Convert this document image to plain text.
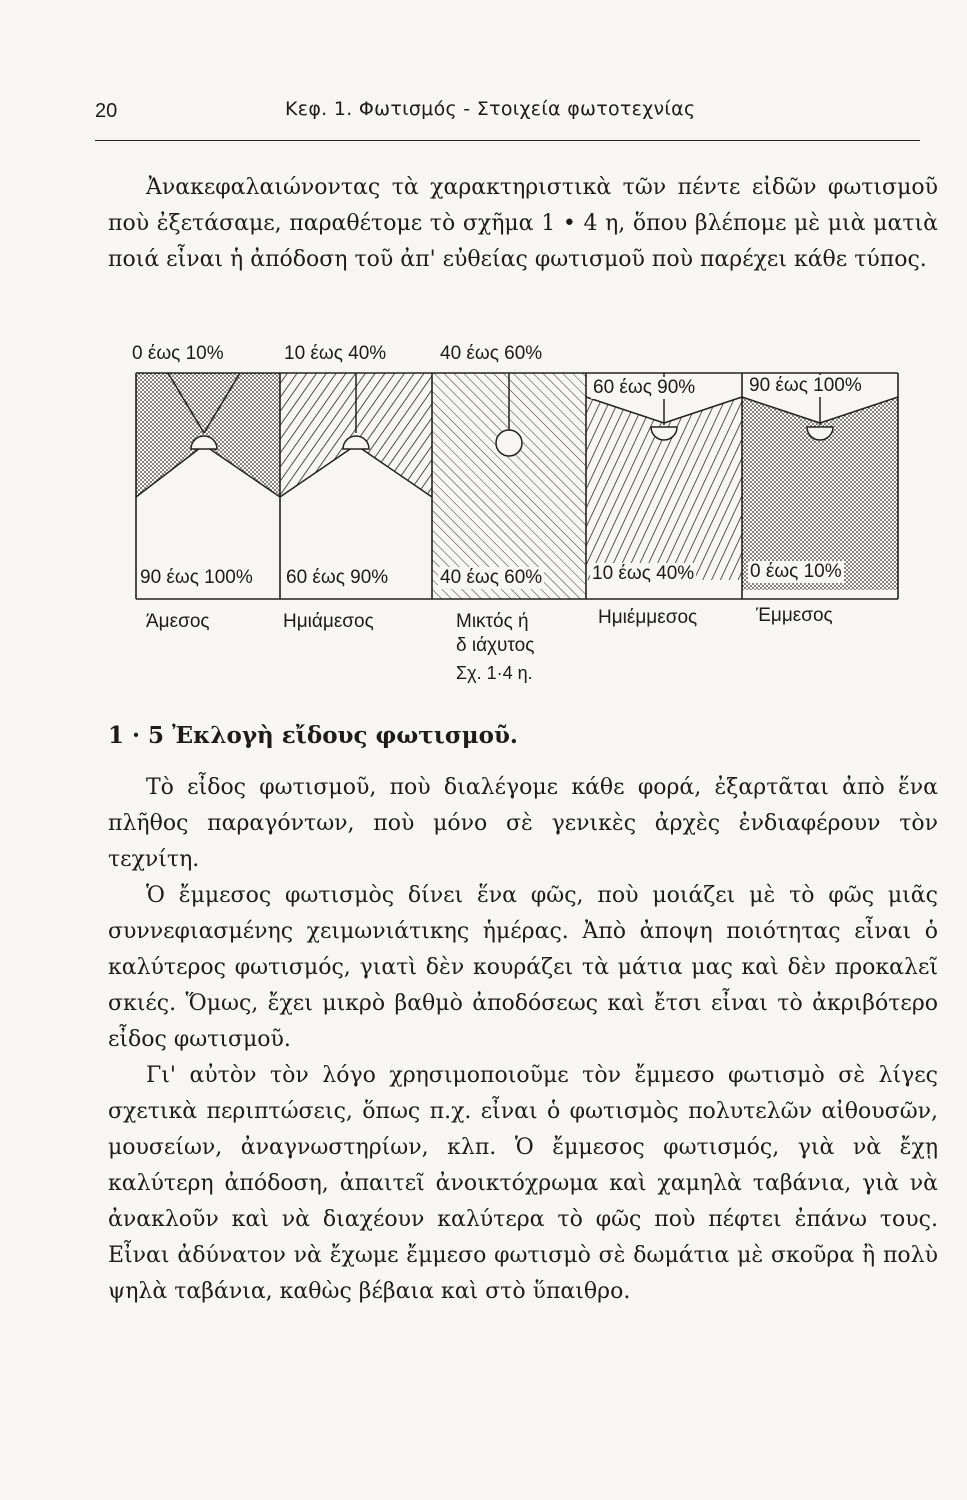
20	Κεφ. 1. Φωτισμός - Στοιχεία φωτοτεχνίας

Ἀνακεφαλαιώνοντας τὰ χαρακτηριστικὰ τῶν πέντε εἰδῶν φωτισμοῦ ποὺ ἐξετάσαμε, παραθέτομε τὸ σχῆμα 1 • 4 η, ὅπου βλέπομε μὲ μιὰ ματιὰ ποιά εἶναι ἡ ἀπόδοση τοῦ ἀπ' εὐθείας φωτισμοῦ ποὺ παρέχει κάθε τύπος.

0 έως 10%	10 έως 40%	40 έως 60%
60 έως 90%	90 έως 100%
90 έως 100% 60 έως 90%	40 έως 60%	10 έως 40%	0 έως 10%
Άμεσος	Ημιάμεσος	Μικτός ή
δ ιάχυτος
Ημιέμμεσος	Έμμεσος
Σχ. 1·4 η.
1 · 5 Ἐκλογὴ εἴδους φωτισμοῦ.

Τὸ εἶδος φωτισμοῦ, ποὺ διαλέγομε κάθε φορά, ἐξαρτᾶται ἀπὸ ἕνα πλῆθος παραγόντων, ποὺ μόνο σὲ γενικὲς ἀρχὲς ἐνδιαφέρουν τὸν τεχνίτη.

Ὁ ἔμμεσος φωτισμὸς δίνει ἕνα φῶς, ποὺ μοιάζει μὲ τὸ φῶς μιᾶς συννεφιασμένης χειμωνιάτικης ἡμέρας. Ἀπὸ ἀποψη ποιότητας εἶναι ὁ καλύτερος φωτισμός, γιατὶ δὲν κουράζει τὰ μάτια μας καὶ δὲν προκαλεῖ σκιές. Ὅμως, ἔχει μικρὸ βαθμὸ ἀποδόσεως καὶ ἔτσι εἶναι τὸ ἀκριβότερο εἶδος φωτισμοῦ.

Γι' αὐτὸν τὸν λόγο χρησιμοποιοῦμε τὸν ἔμμεσο φωτισμὸ σὲ λίγες σχετικὰ περιπτώσεις, ὅπως π.χ. εἶναι ὁ φωτισμὸς πολυτελῶν αἰθουσῶν, μουσείων, ἀναγνωστηρίων, κλπ. Ὁ ἔμμεσος φωτισμός, γιὰ νὰ ἔχῃ καλύτερη ἀπόδοση, ἀπαιτεῖ ἀνοικτόχρωμα καὶ χαμηλὰ ταβάνια, γιὰ νὰ ἀνακλοῦν καὶ νὰ διαχέουν καλύτερα τὸ φῶς ποὺ πέφτει ἐπάνω τους. Εἶναι ἀδύνατον νὰ ἔχωμε ἔμμεσο φωτισμὸ σὲ δωμάτια μὲ σκοῦρα ἢ πολὺ ψηλὰ ταβάνια, καθὼς βέβαια καὶ στὸ ὕπαιθρο.
